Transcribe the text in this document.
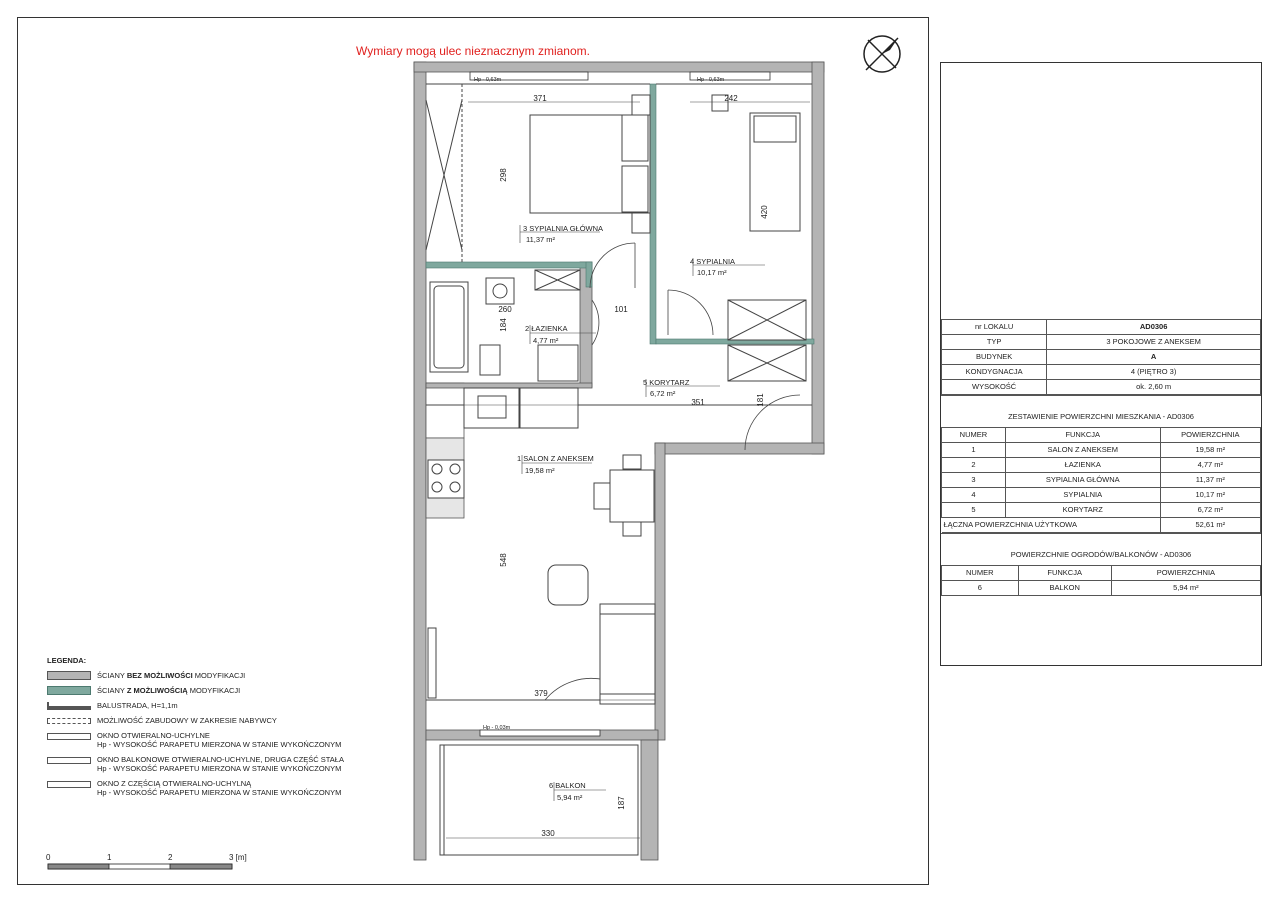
Wymiary mogą ulec nieznacznym zmianom.
Hp - 0,63m	Hp - 0,63m
Hp - 0,03m
371	242
298
420
260	101
184
351	181
548
379
330
187
3 SYPIALNIA GŁÓWNA
11,37 m²
4 SYPIALNIA
10,17 m²
2 ŁAZIENKA
4,77 m²
5 KORYTARZ
6,72 m²
1 SALON Z ANEKSEM
19,58 m²
6 BALKON
5,94 m²
0	1	2	3 [m]
LEGENDA:
ŚCIANY BEZ MOŻLIWOŚCI MODYFIKACJI
ŚCIANY Z MOŻLIWOŚCIĄ MODYFIKACJI
BALUSTRADA, H=1,1m
MOŻLIWOŚĆ ZABUDOWY W ZAKRESIE NABYWCY
OKNO OTWIERALNO-UCHYLNE
Hp - WYSOKOŚĆ PARAPETU MIERZONA W STANIE WYKOŃCZONYM
OKNO BALKONOWE OTWIERALNO-UCHYLNE, DRUGA CZĘŚĆ STAŁA
Hp - WYSOKOŚĆ PARAPETU MIERZONA W STANIE WYKOŃCZONYM
OKNO Z CZĘŚCIĄ OTWIERALNO-UCHYLNĄ
Hp - WYSOKOŚĆ PARAPETU MIERZONA W STANIE WYKOŃCZONYM
nr LOKALU	AD0306
TYP	3 POKOJOWE Z ANEKSEM
BUDYNEK	A
KONDYGNACJA	4 (PIĘTRO 3)
WYSOKOŚĆ	ok. 2,60 m
ZESTAWIENIE POWIERZCHNI MIESZKANIA - AD0306
NUMER	FUNKCJA	POWIERZCHNIA
1	SALON Z ANEKSEM	19,58 m²
2	ŁAZIENKA	4,77 m²
3	SYPIALNIA GŁÓWNA	11,37 m²
4	SYPIALNIA	10,17 m²
5	KORYTARZ	6,72 m²
ŁĄCZNA POWIERZCHNIA UŻYTKOWA		52,61 m²
POWIERZCHNIE OGRODÓW/BALKONÓW - AD0306
NUMER	FUNKCJA	POWIERZCHNIA
6	BALKON	5,94 m²
